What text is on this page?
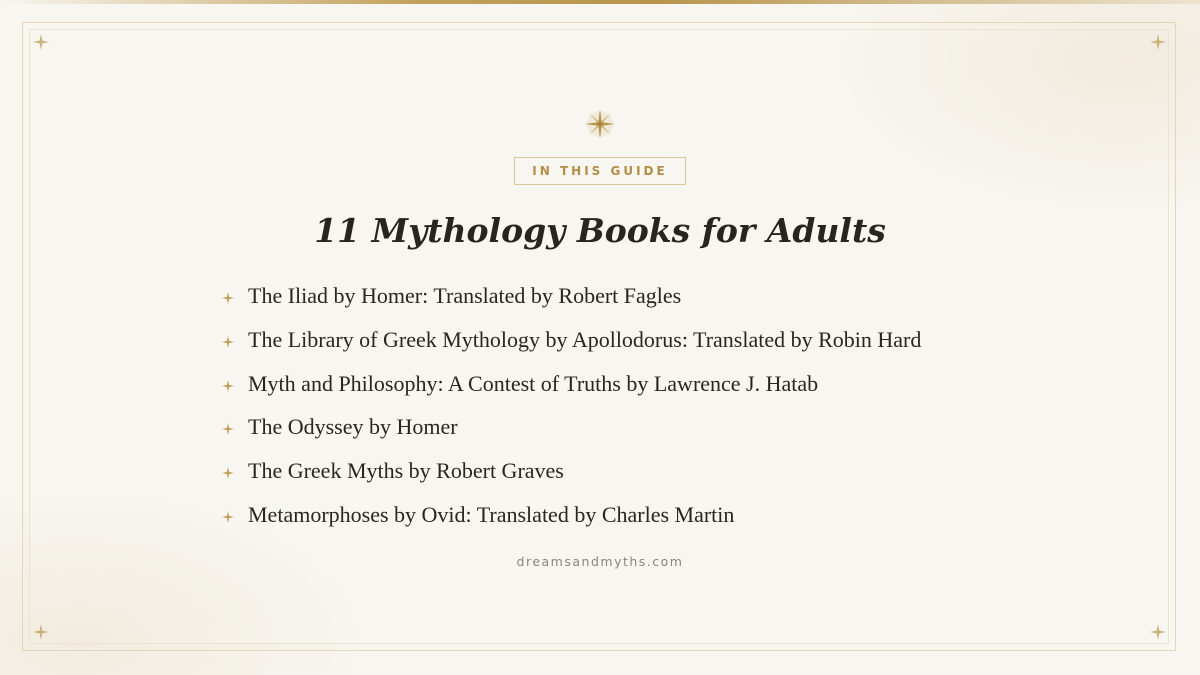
IN THIS GUIDE
11 Mythology Books for Adults
The Iliad by Homer: Translated by Robert Fagles
The Library of Greek Mythology by Apollodorus: Translated by Robin Hard
Myth and Philosophy: A Contest of Truths by Lawrence J. Hatab
The Odyssey by Homer
The Greek Myths by Robert Graves
Metamorphoses by Ovid: Translated by Charles Martin
dreamsandmyths.com
